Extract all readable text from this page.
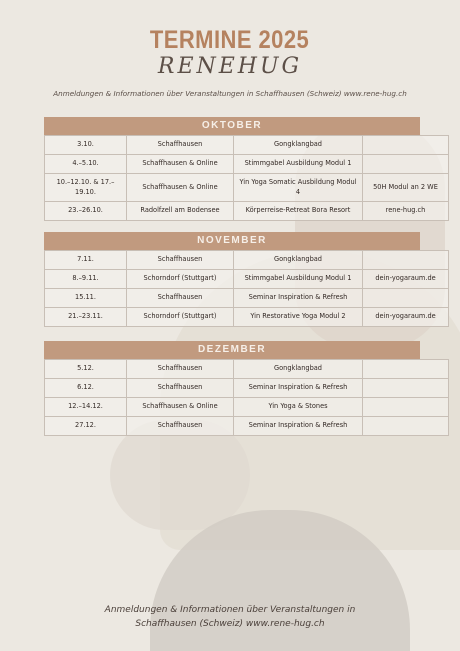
TERMINE 2025
RENEHUG
Anmeldungen & Informationen über Veranstaltungen in Schaffhausen (Schweiz) www.rene-hug.ch
OKTOBER
3.10.	Schaffhausen	Gongklangbad	
4.–5.10.	Schaffhausen & Online	Stimmgabel Ausbildung Modul 1	
10.–12.10. & 17.–19.10.	Schaffhausen & Online	Yin Yoga Somatic Ausbildung Modul 4	50H Modul an 2 WE
23.–26.10.	Radolfzell am Bodensee	Körperreise-Retreat Bora Resort	rene-hug.ch
NOVEMBER
7.11.	Schaffhausen	Gongklangbad	
8.–9.11.	Schorndorf (Stuttgart)	Stimmgabel Ausbildung Modul 1	dein-yogaraum.de
15.11.	Schaffhausen	Seminar Inspiration & Refresh	
21.–23.11.	Schorndorf (Stuttgart)	Yin Restorative Yoga Modul 2	dein-yogaraum.de
DEZEMBER
5.12.	Schaffhausen	Gongklangbad	
6.12.	Schaffhausen	Seminar Inspiration & Refresh	
12.–14.12.	Schaffhausen & Online	Yin Yoga & Stones	
27.12.	Schaffhausen	Seminar Inspiration & Refresh	
Anmeldungen & Informationen über Veranstaltungen in
Schaffhausen (Schweiz) www.rene-hug.ch
